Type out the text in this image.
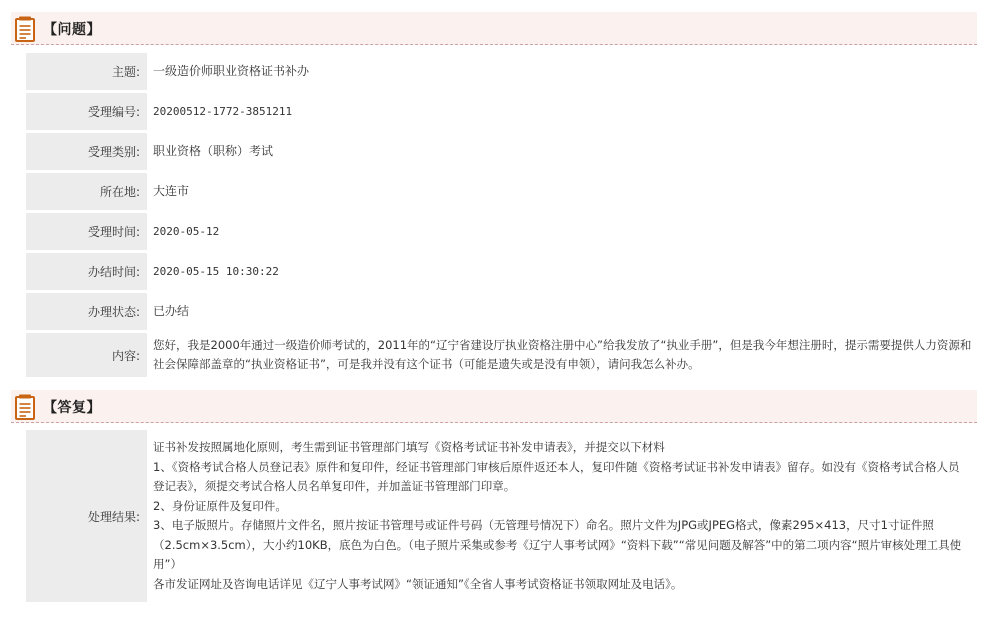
【问题】
主题:	一级造价师职业资格证书补办
受理编号:	20200512-1772-3851211
受理类别:	职业资格（职称）考试
所在地:	大连市
受理时间:	2020-05-12
办结时间:	2020-05-15 10:30:22
办理状态:	已办结
内容:	您好，我是2000年通过一级造价师考试的，2011年的“辽宁省建设厅执业资格注册中心”给我发放了“执业手册”，但是我今年想注册时，提示需要提供人力资源和社会保障部盖章的“执业资格证书”，可是我并没有这个证书（可能是遗失或是没有申领），请问我怎么补办。
【答复】
处理结果:	

证书补发按照属地化原则，考生需到证书管理部门填写《资格考试证书补发申请表》，并提交以下材料

1、《资格考试合格人员登记表》原件和复印件，经证书管理部门审核后原件返还本人，复印件随《资格考试证书补发申请表》留存。如没有《资格考试合格人员登记表》，须提交考试合格人员名单复印件，并加盖证书管理部门印章。

2、身份证原件及复印件。

3、电子版照片。存储照片文件名，照片按证书管理号或证件号码（无管理号情况下）命名。照片文件为JPG或JPEG格式，像素295×413，尺寸1寸证件照（2.5cm×3.5cm），大小约10KB，底色为白色。（电子照片采集或参考《辽宁人事考试网》“资料下载”“常见问题及解答”中的第二项内容“照片审核处理工具使用”）

各市发证网址及咨询电话详见《辽宁人事考试网》“领证通知”《全省人事考试资格证书领取网址及电话》。
